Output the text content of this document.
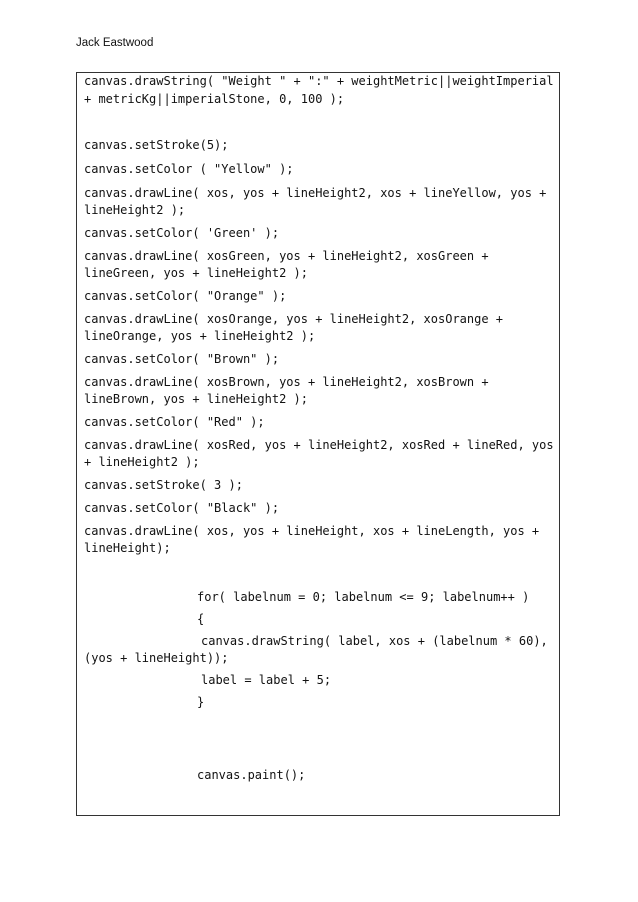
Jack Eastwood

canvas.drawString( "Weight " + ":" + weightMetric||weightImperial

+ metricKg||imperialStone, 0, 100 );

canvas.setStroke(5);

canvas.setColor ( "Yellow" );

canvas.drawLine( xos, yos + lineHeight2, xos + lineYellow, yos +

lineHeight2 );

canvas.setColor( 'Green' );

canvas.drawLine( xosGreen, yos + lineHeight2, xosGreen +

lineGreen, yos + lineHeight2 );

canvas.setColor( "Orange" );

canvas.drawLine( xosOrange, yos + lineHeight2, xosOrange +

lineOrange, yos + lineHeight2 );

canvas.setColor( "Brown" );

canvas.drawLine( xosBrown, yos + lineHeight2, xosBrown +

lineBrown, yos + lineHeight2 );

canvas.setColor( "Red" );

canvas.drawLine( xosRed, yos + lineHeight2, xosRed + lineRed, yos

+ lineHeight2 );

canvas.setStroke( 3 );

canvas.setColor( "Black" );

canvas.drawLine( xos, yos + lineHeight, xos + lineLength, yos +

lineHeight);

for( labelnum = 0; labelnum <= 9; labelnum++ )

{

canvas.drawString( label, xos + (labelnum * 60),

(yos + lineHeight));

label = label + 5;

}

canvas.paint();
